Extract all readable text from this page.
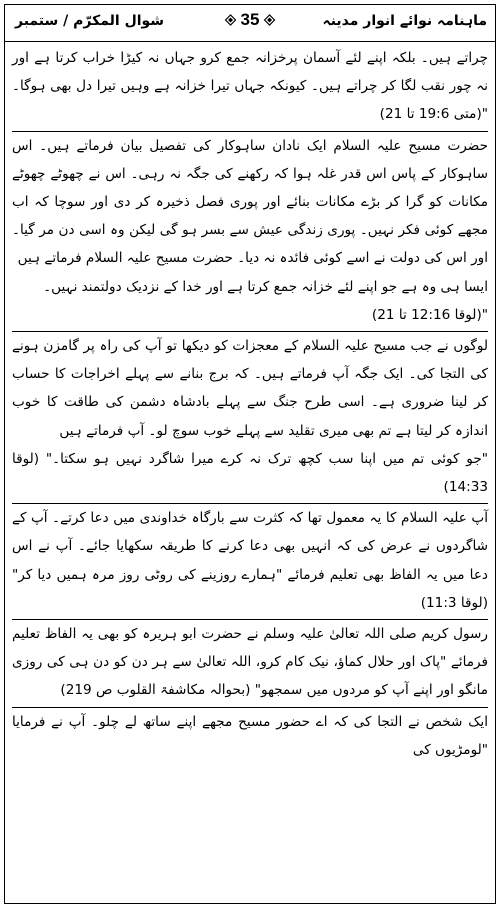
ماہنامہ نوائے انوار مدینہ
35
شوال المکرّم / ستمبر

چراتے ہیں۔ بلکہ اپنے لئے آسمان پرخزانہ جمع کرو جہاں نہ کیڑا خراب کرتا ہے اور نہ چور نقب لگا کر چراتے ہیں۔ کیونکہ جہاں تیرا خزانہ ہے وہیں تیرا دل بھی ہوگا۔ "(متی 19:6 تا 21)

حضرت مسیح علیہ السلام ایک نادان ساہوکار کی تفصیل بیان فرماتے ہیں۔ اس ساہوکار کے پاس اس قدر غلہ ہوا کہ رکھنے کی جگہ نہ رہی۔ اس نے چھوٹے چھوٹے مکانات کو گرا کر بڑے مکانات بنائے اور پوری فصل ذخیرہ کر دی اور سوچا کہ اب مجھے کوئی فکر نہیں۔ پوری زندگی عیش سے بسر ہو گی لیکن وہ اسی دن مر گیا۔ اور اس کی دولت نے اسے کوئی فائدہ نہ دیا۔ حضرت مسیح علیہ السلام فرماتے ہیں

ایسا ہی وہ ہے جو اپنے لئے خزانہ جمع کرتا ہے اور خدا کے نزدیک دولتمند نہیں۔

"(لوقا 12:16 تا 21)

لوگوں نے جب مسیح علیہ السلام کے معجزات کو دیکھا تو آپ کی راہ پر گامزن ہونے کی التجا کی۔ ایک جگہ آپ فرماتے ہیں۔ کہ برج بنانے سے پہلے اخراجات کا حساب کر لینا ضروری ہے۔ اسی طرح جنگ سے پہلے بادشاہ دشمن کی طاقت کا خوب اندازہ کر لیتا ہے تم بھی میری تقلید سے پہلے خوب سوچ لو۔ آپ فرماتے ہیں

"جو کوئی تم میں اپنا سب کچھ ترک نہ کرے میرا شاگرد نہیں ہو سکتا۔" (لوقا 14:33)

آپ علیہ السلام کا یہ معمول تھا کہ کثرت سے بارگاہ خداوندی میں دعا کرتے۔ آپ کے شاگردوں نے عرض کی کہ انہیں بھی دعا کرنے کا طریقہ سکھایا جائے۔ آپ نے اس دعا میں یہ الفاظ بھی تعلیم فرمائے "ہمارے روزینے کی روٹی روز مرہ ہمیں دیا کر" (لوقا 11:3)

رسول کریم صلی اللہ تعالیٰ علیہ وسلم نے حضرت ابو ہریرہ کو بھی یہ الفاظ تعلیم فرمائے "پاک اور حلال کماؤ، نیک کام کرو، اللہ تعالیٰ سے ہر دن کو دن ہی کی روزی مانگو اور اپنے آپ کو مردوں میں سمجھو" (بحوالہ مکاشفۃ القلوب ص 219)

ایک شخص نے التجا کی کہ اے حضور مسیح مجھے اپنے ساتھ لے چلو۔ آپ نے فرمایا "لومڑیوں کی
